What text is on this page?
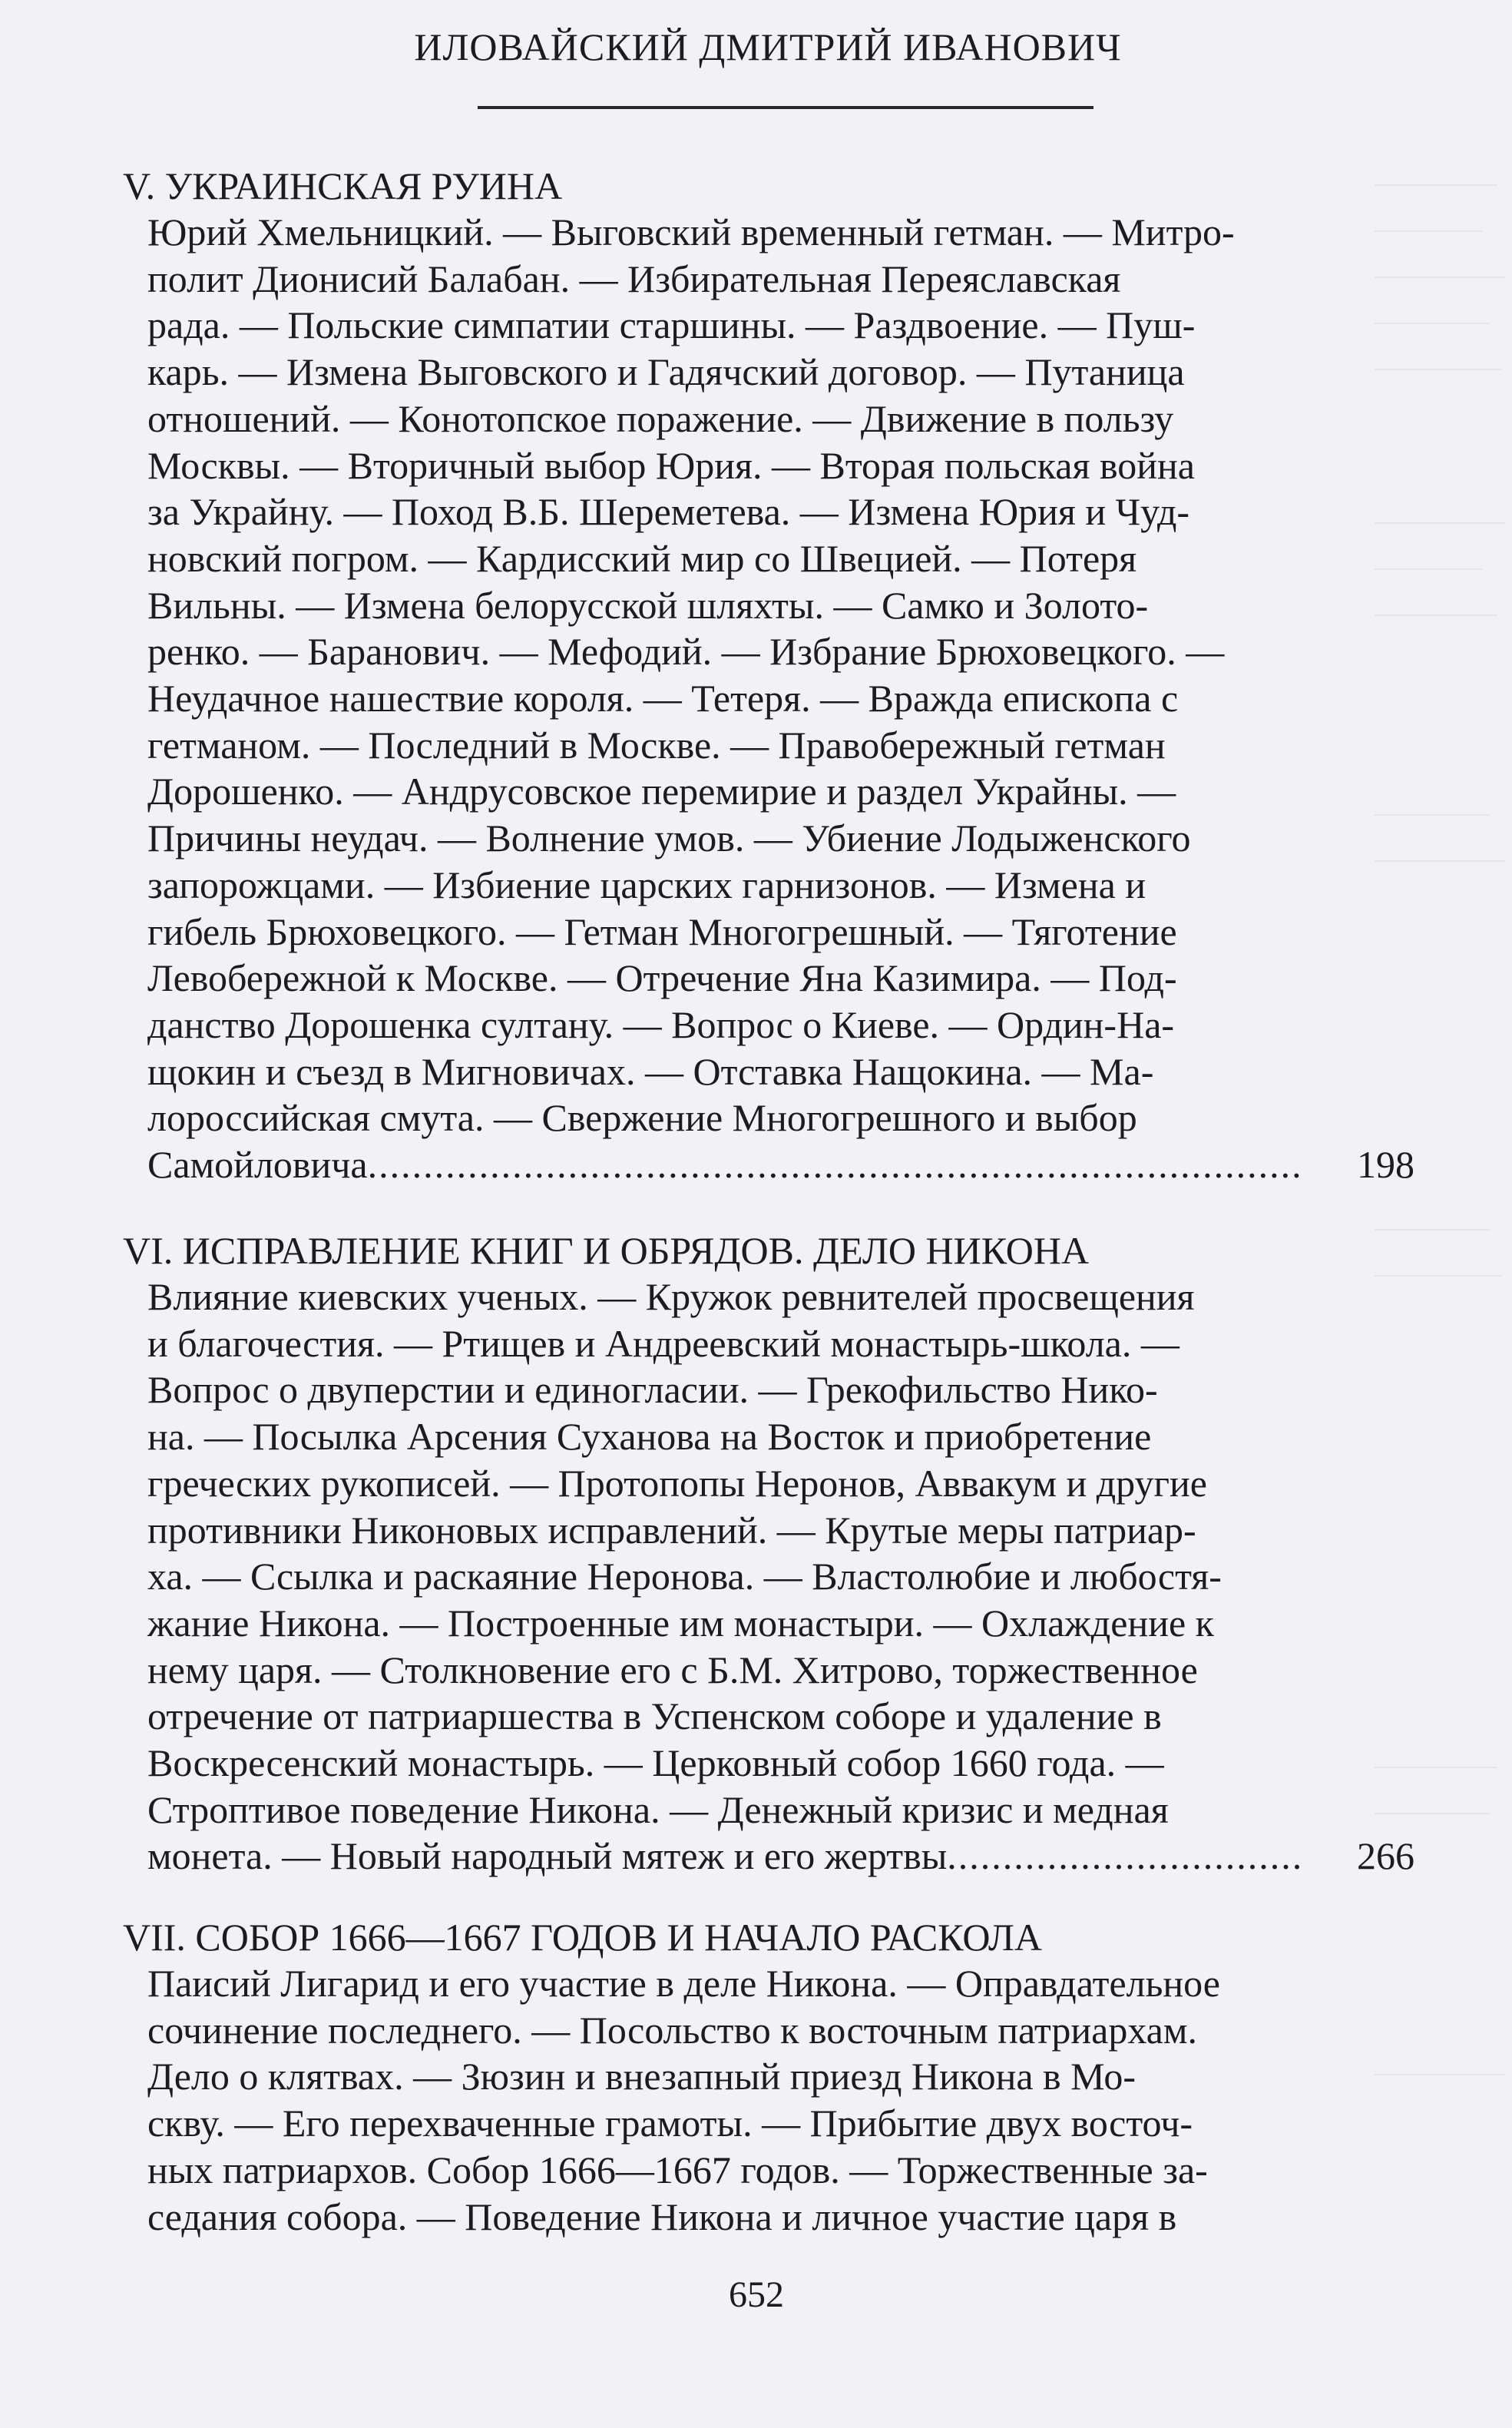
ИЛОВАЙСКИЙ ДМИТРИЙ ИВАНОВИЧ
V. УКРАИНСКАЯ РУИНА
Юрий Хмельницкий. — Выговский временный гетман. — Митро-
полит Дионисий Балабан. — Избирательная Переяславская
рада. — Польские симпатии старшины. — Раздвоение. — Пуш-
карь. — Измена Выговского и Гадячский договор. — Путаница
отношений. — Конотопское поражение. — Движение в пользу
Москвы. — Вторичный выбор Юрия. — Вторая польская война
за Украйну. — Поход В.Б. Шереметева. — Измена Юрия и Чуд-
новский погром. — Кардисский мир со Швецией. — Потеря
Вильны. — Измена белорусской шляхты. — Самко и Золото-
ренко. — Баранович. — Мефодий. — Избрание Брюховецкого. —
Неудачное нашествие короля. — Тетеря. — Вражда епископа с
гетманом. — Последний в Москве. — Правобережный гетман
Дорошенко. — Андрусовское перемирие и раздел Украйны. —
Причины неудач. — Волнение умов. — Убиение Лодыженского
запорожцами. — Избиение царских гарнизонов. — Измена и
гибель Брюховецкого. — Гетман Многогрешный. — Тяготение
Левобережной к Москве. — Отречение Яна Казимира. — Под-
данство Дорошенка султану. — Вопрос о Киеве. — Ордин-На-
щокин и съезд в Мигновичах. — Отставка Нащокина. — Ма-
лороссийская смута. — Свержение Многогрешного и выбор
Самойловича .....	198
VI. ИСПРАВЛЕНИЕ КНИГ И ОБРЯДОВ. ДЕЛО НИКОНА
Влияние киевских ученых. — Кружок ревнителей просвещения
и благочестия. — Ртищев и Андреевский монастырь-школа. —
Вопрос о двуперстии и единогласии. — Грекофильство Нико-
на. — Посылка Арсения Суханова на Восток и приобретение
греческих рукописей. — Протопопы Неронов, Аввакум и другие
противники Никоновых исправлений. — Крутые меры патриар-
ха. — Ссылка и раскаяние Неронова. — Властолюбие и любостя-
жание Никона. — Построенные им монастыри. — Охлаждение к
нему царя. — Столкновение его с Б.М. Хитрово, торжественное
отречение от патриаршества в Успенском соборе и удаление в
Воскресенский монастырь. — Церковный собор 1660 года. —
Строптивое поведение Никона. — Денежный кризис и медная
монета. — Новый народный мятеж и его жертвы .....	266
VII. СОБОР 1666—1667 ГОДОВ И НАЧАЛО РАСКОЛА
Паисий Лигарид и его участие в деле Никона. — Оправдательное
сочинение последнего. — Посольство к восточным патриархам.
Дело о клятвах. — Зюзин и внезапный приезд Никона в Мо-
скву. — Его перехваченные грамоты. — Прибытие двух восточ-
ных патриархов. Собор 1666—1667 годов. — Торжественные за-
седания собора. — Поведение Никона и личное участие царя в
652
